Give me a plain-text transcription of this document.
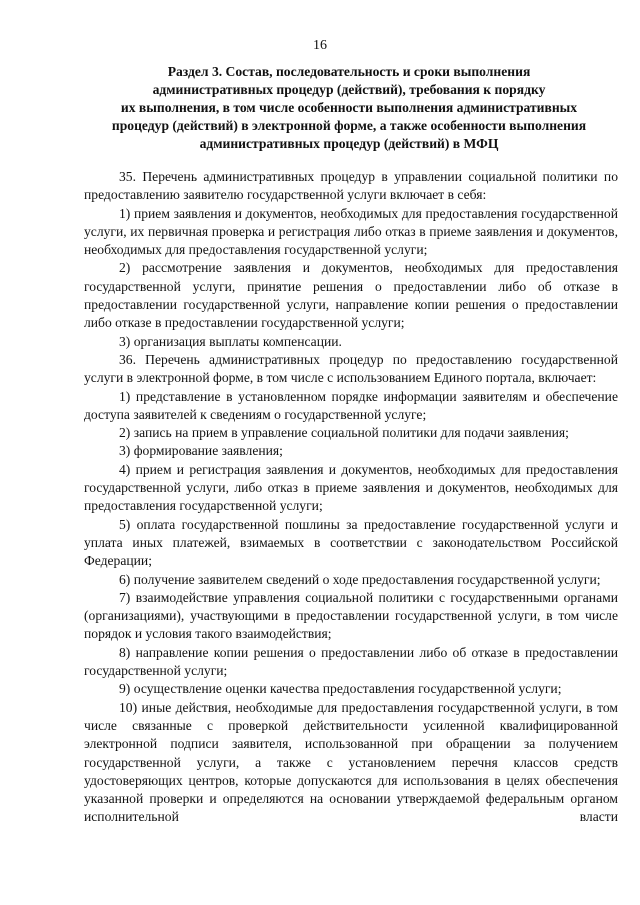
16
Раздел 3. Состав, последовательность и сроки выполнения
административных процедур (действий), требования к порядку
их выполнения, в том числе особенности выполнения административных
процедур (действий) в электронной форме, а также особенности выполнения
административных процедур (действий) в МФЦ

35. Перечень административных процедур в управлении социальной политики по предоставлению заявителю государственной услуги включает в себя:

1) прием заявления и документов, необходимых для предоставления государственной услуги, их первичная проверка и регистрация либо отказ в приеме заявления и документов, необходимых для предоставления государственной услуги;

2) рассмотрение заявления и документов, необходимых для предоставления государственной услуги, принятие решения о предоставлении либо об отказе в предоставлении государственной услуги, направление копии решения о предоставлении либо отказе в предоставлении государственной услуги;

3) организация выплаты компенсации.

36. Перечень административных процедур по предоставлению государственной услуги в электронной форме, в том числе с использованием Единого портала, включает:

1) представление в установленном порядке информации заявителям и обеспечение доступа заявителей к сведениям о государственной услуге;

2) запись на прием в управление социальной политики для подачи заявления;

3) формирование заявления;

4) прием и регистрация заявления и документов, необходимых для предоставления государственной услуги, либо отказ в приеме заявления и документов, необходимых для предоставления государственной услуги;

5) оплата государственной пошлины за предоставление государственной услуги и уплата иных платежей, взимаемых в соответствии с законодательством Российской Федерации;

6) получение заявителем сведений о ходе предоставления государственной услуги;

7) взаимодействие управления социальной политики с государственными органами (организациями), участвующими в предоставлении государственной услуги, в том числе порядок и условия такого взаимодействия;

8) направление копии решения о предоставлении либо об отказе в предоставлении государственной услуги;

9) осуществление оценки качества предоставления государственной услуги;

10) иные действия, необходимые для предоставления государственной услуги, в том числе связанные с проверкой действительности усиленной квалифицированной электронной подписи заявителя, использованной при обращении за получением государственной услуги, а также с установлением перечня классов средств удостоверяющих центров, которые допускаются для использования в целях обеспечения указанной проверки и определяются на основании утверждаемой федеральным органом исполнительной власти
